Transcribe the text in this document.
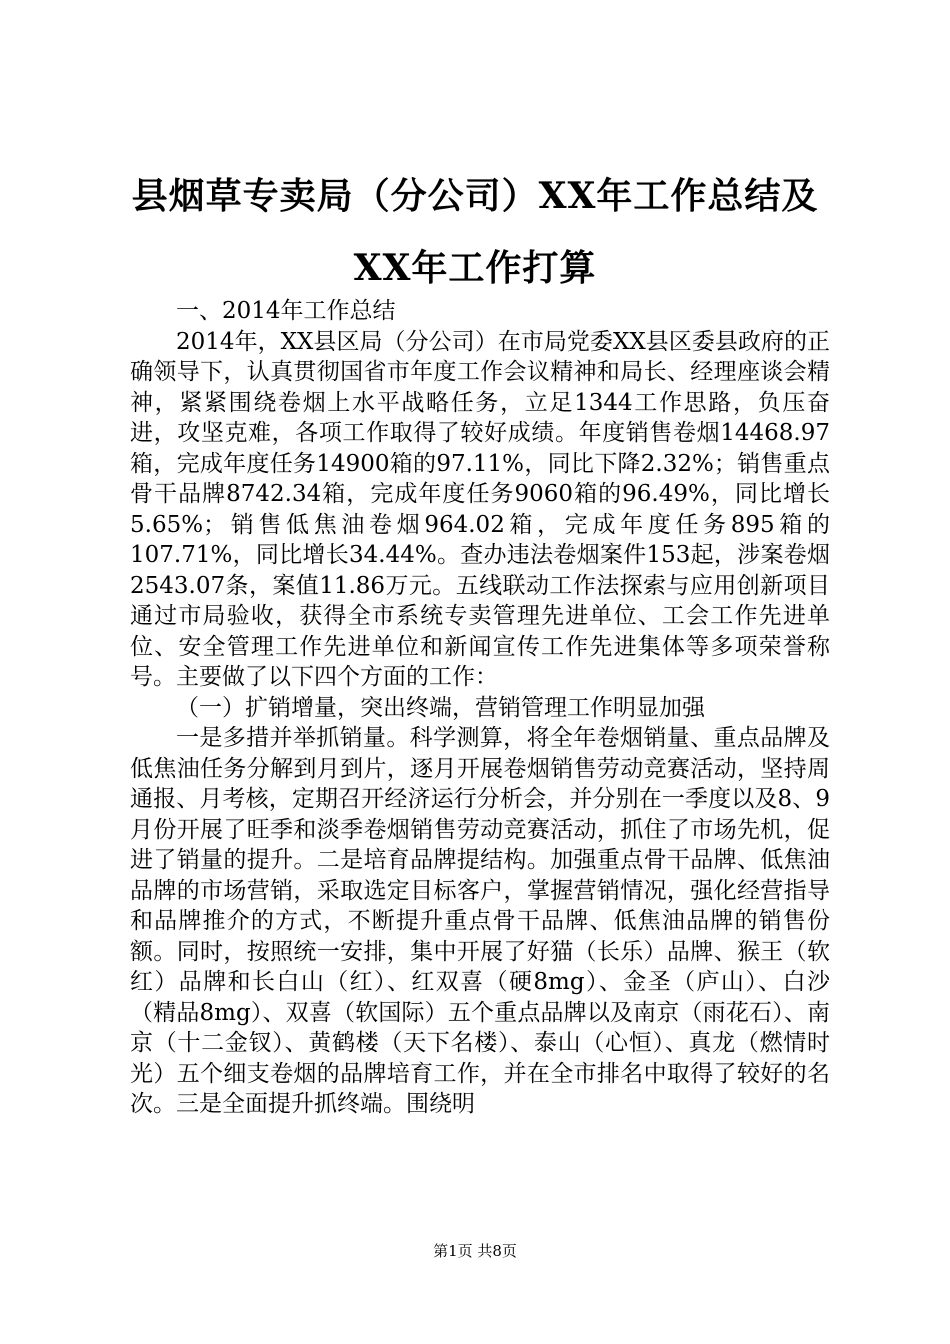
县烟草专卖局（分公司）XX年工作总结及XX年工作打算

一、2014年工作总结

2014年，XX县区局（分公司）在市局党委XX县区委县政府的正确领导下，认真贯彻国省市年度工作会议精神和局长、经理座谈会精神，紧紧围绕卷烟上水平战略任务，立足1344工作思路，负压奋进，攻坚克难，各项工作取得了较好成绩。年度销售卷烟14468.97箱，完成年度任务14900箱的97.11%，同比下降2.32%；销售重点骨干品牌8742.34箱，完成年度任务9060箱的96.49%，同比增长5.65%；销售低焦油卷烟964.02箱，完成年度任务895箱的107.71%，同比增长34.44%。查办违法卷烟案件153起，涉案卷烟2543.07条，案值11.86万元。五线联动工作法探索与应用创新项目通过市局验收，获得全市系统专卖管理先进单位、工会工作先进单位、安全管理工作先进单位和新闻宣传工作先进集体等多项荣誉称号。主要做了以下四个方面的工作：

（一）扩销增量，突出终端，营销管理工作明显加强

一是多措并举抓销量。科学测算，将全年卷烟销量、重点品牌及低焦油任务分解到月到片，逐月开展卷烟销售劳动竞赛活动，坚持周通报、月考核，定期召开经济运行分析会，并分别在一季度以及8、9月份开展了旺季和淡季卷烟销售劳动竞赛活动，抓住了市场先机，促进了销量的提升。二是培育品牌提结构。加强重点骨干品牌、低焦油品牌的市场营销，采取选定目标客户，掌握营销情况，强化经营指导和品牌推介的方式，不断提升重点骨干品牌、低焦油品牌的销售份额。同时，按照统一安排，集中开展了好猫（长乐）品牌、猴王（软红）品牌和长白山（红）、红双喜（硬8mg）、金圣（庐山）、白沙（精品8mg）、双喜（软国际）五个重点品牌以及南京（雨花石）、南京（十二金钗）、黄鹤楼（天下名楼）、泰山（心恒）、真龙（燃情时光）五个细支卷烟的品牌培育工作，并在全市排名中取得了较好的名次。三是全面提升抓终端。围绕明

第1页 共8页
